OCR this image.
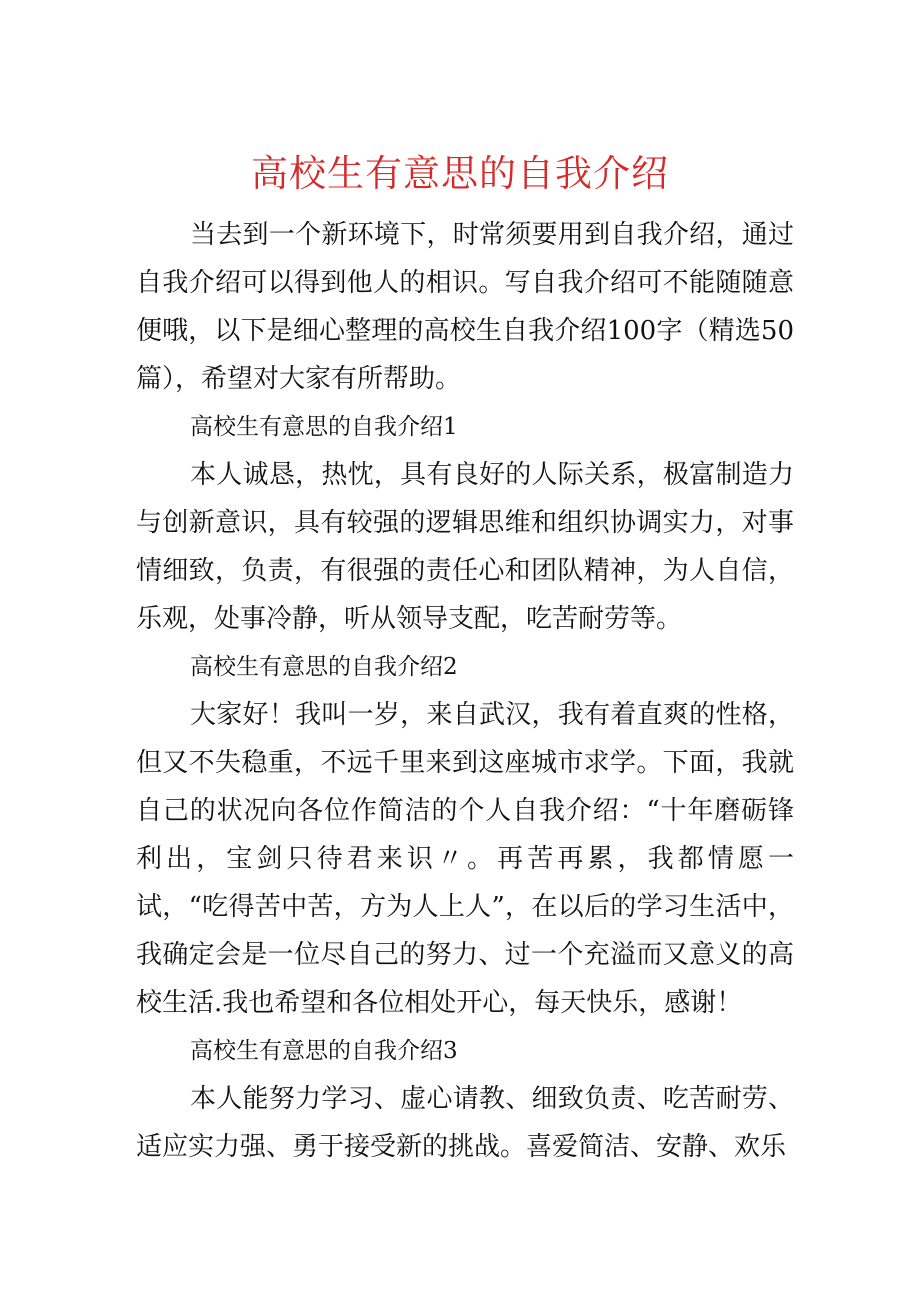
高校生有意思的自我介绍

当去到一个新环境下，时常须要用到自我介绍，通过自我介绍可以得到他人的相识。写自我介绍可不能随随意便哦，以下是细心整理的高校生自我介绍100字（精选50篇），希望对大家有所帮助。

高校生有意思的自我介绍1

本人诚恳，热忱，具有良好的人际关系，极富制造力与创新意识，具有较强的逻辑思维和组织协调实力，对事情细致，负责，有很强的责任心和团队精神，为人自信，乐观，处事冷静，听从领导支配，吃苦耐劳等。

高校生有意思的自我介绍2

大家好！我叫一岁，来自武汉，我有着直爽的性格，但又不失稳重，不远千里来到这座城市求学。下面，我就自己的状况向各位作简洁的个人自我介绍：“十年磨砺锋利出，宝剑只待君来识〃。再苦再累，我都情愿一试，“吃得苦中苦，方为人上人”，在以后的学习生活中，我确定会是一位尽自己的努力、过一个充溢而又意义的高校生活.我也希望和各位相处开心，每天快乐，感谢！

高校生有意思的自我介绍3

本人能努力学习、虚心请教、细致负责、吃苦耐劳、适应实力强、勇于接受新的挑战。喜爱简洁、安静、欢乐
